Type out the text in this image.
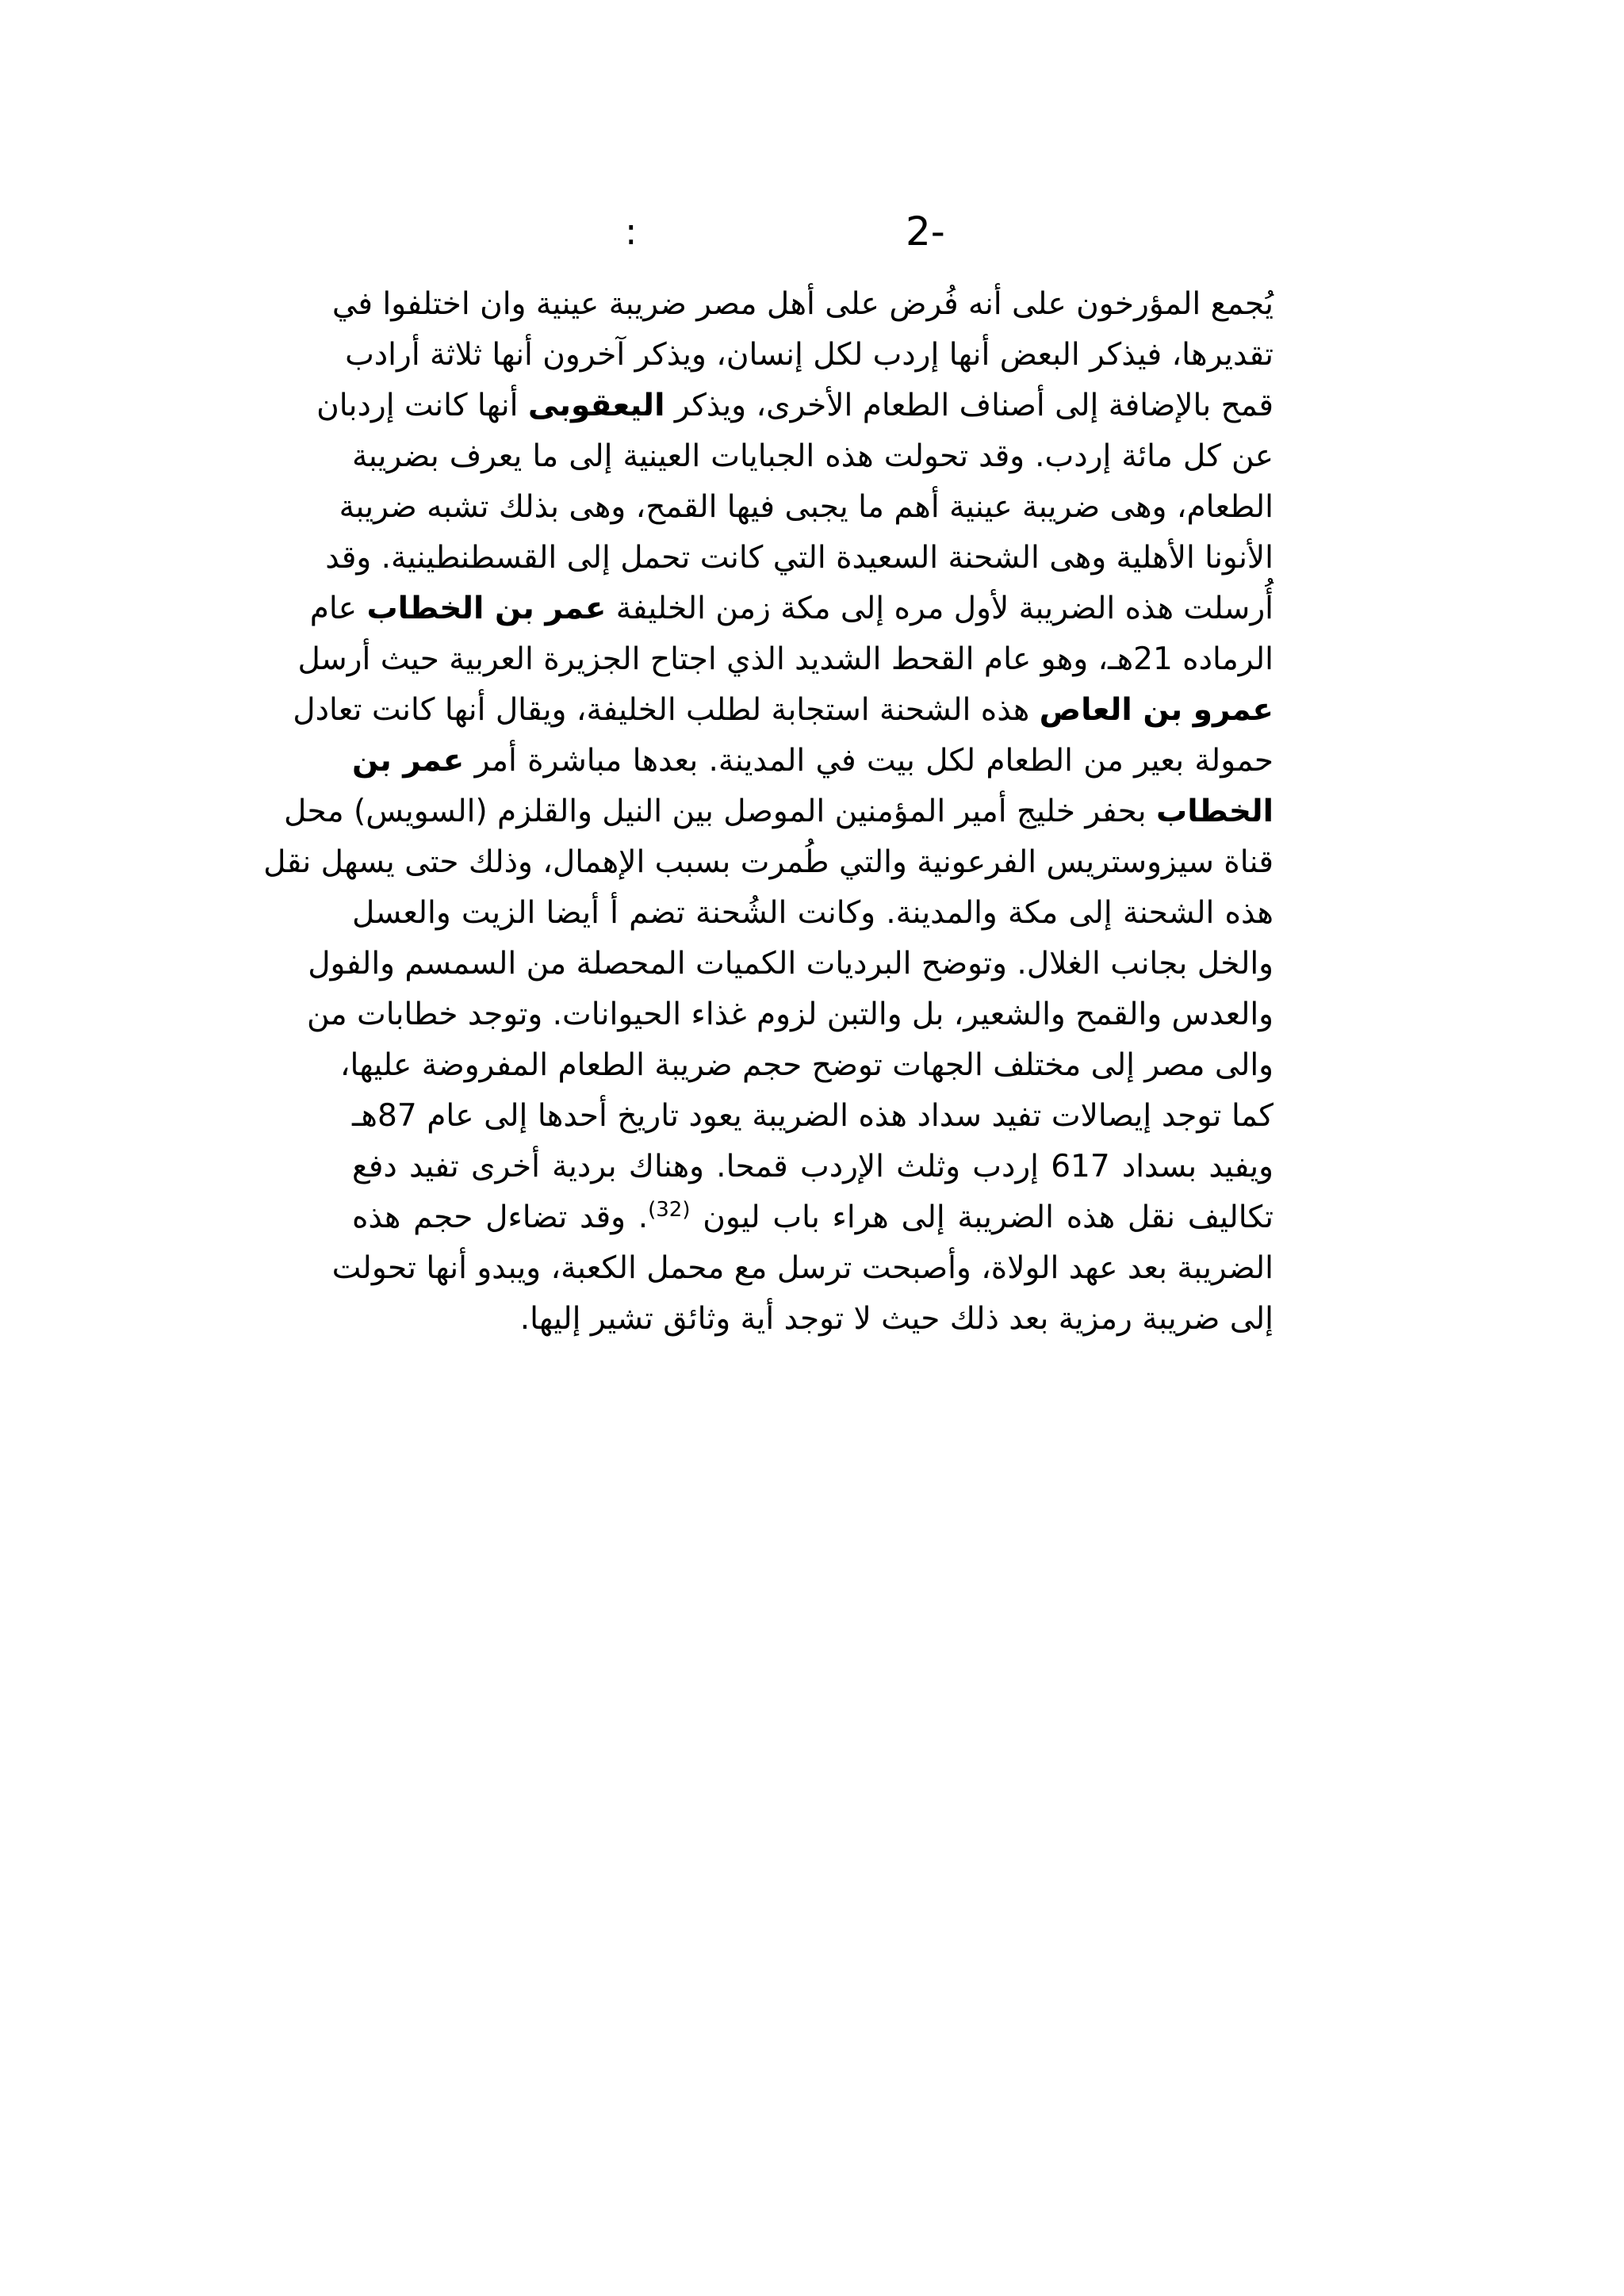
:	2-
يُجمع المؤرخون على أنه فُرض على أهل مصر ضريبة عينية وان اختلفوا في
تقديرها، فيذكر البعض أنها إردب لكل إنسان، ويذكر آخرون أنها ثلاثة أرادب
قمح بالإضافة إلى أصناف الطعام الأخرى، ويذكر اليعقوبى أنها كانت إردبان
عن كل مائة إردب. وقد تحولت هذه الجبايات العينية إلى ما يعرف بضريبة
الطعام، وهى ضريبة عينية أهم ما يجبى فيها القمح، وهى بذلك تشبه ضريبة
الأنونا الأهلية وهى الشحنة السعيدة التي كانت تحمل إلى القسطنطينية. وقد
أُرسلت هذه الضريبة لأول مره إلى مكة زمن الخليفة عمر بن الخطاب عام
الرماده 21هـ، وهو عام القحط الشديد الذي اجتاح الجزيرة العربية حيث أرسل
عمرو بن العاص هذه الشحنة استجابة لطلب الخليفة، ويقال أنها كانت تعادل
حمولة بعير من الطعام لكل بيت في المدينة. بعدها مباشرة أمر عمر بن
الخطاب بحفر خليج أمير المؤمنين الموصل بين النيل والقلزم (السويس) محل
قناة سيزوستريس الفرعونية والتي طُمرت بسبب الإهمال، وذلك حتى يسهل نقل
هذه الشحنة إلى مكة والمدينة. وكانت الشُحنة تضم أ أيضا الزيت والعسل
والخل بجانب الغلال. وتوضح البرديات الكميات المحصلة من السمسم والفول
والعدس والقمح والشعير، بل والتبن لزوم غذاء الحيوانات. وتوجد خطابات من
والى مصر إلى مختلف الجهات توضح حجم ضريبة الطعام المفروضة عليها،
كما توجد إيصالات تفيد سداد هذه الضريبة يعود تاريخ أحدها إلى عام 87هـ
ويفيد بسداد 617 إردب وثلث الإردب قمحا. وهناك بردية أخرى تفيد دفع
تكاليف نقل هذه الضريبة إلى هراء باب ليون $^{(32)}$. وقد تضاءل حجم هذه
الضريبة بعد عهد الولاة، وأصبحت ترسل مع محمل الكعبة، ويبدو أنها تحولت
إلى ضريبة رمزية بعد ذلك حيث لا توجد أية وثائق تشير إليها.
